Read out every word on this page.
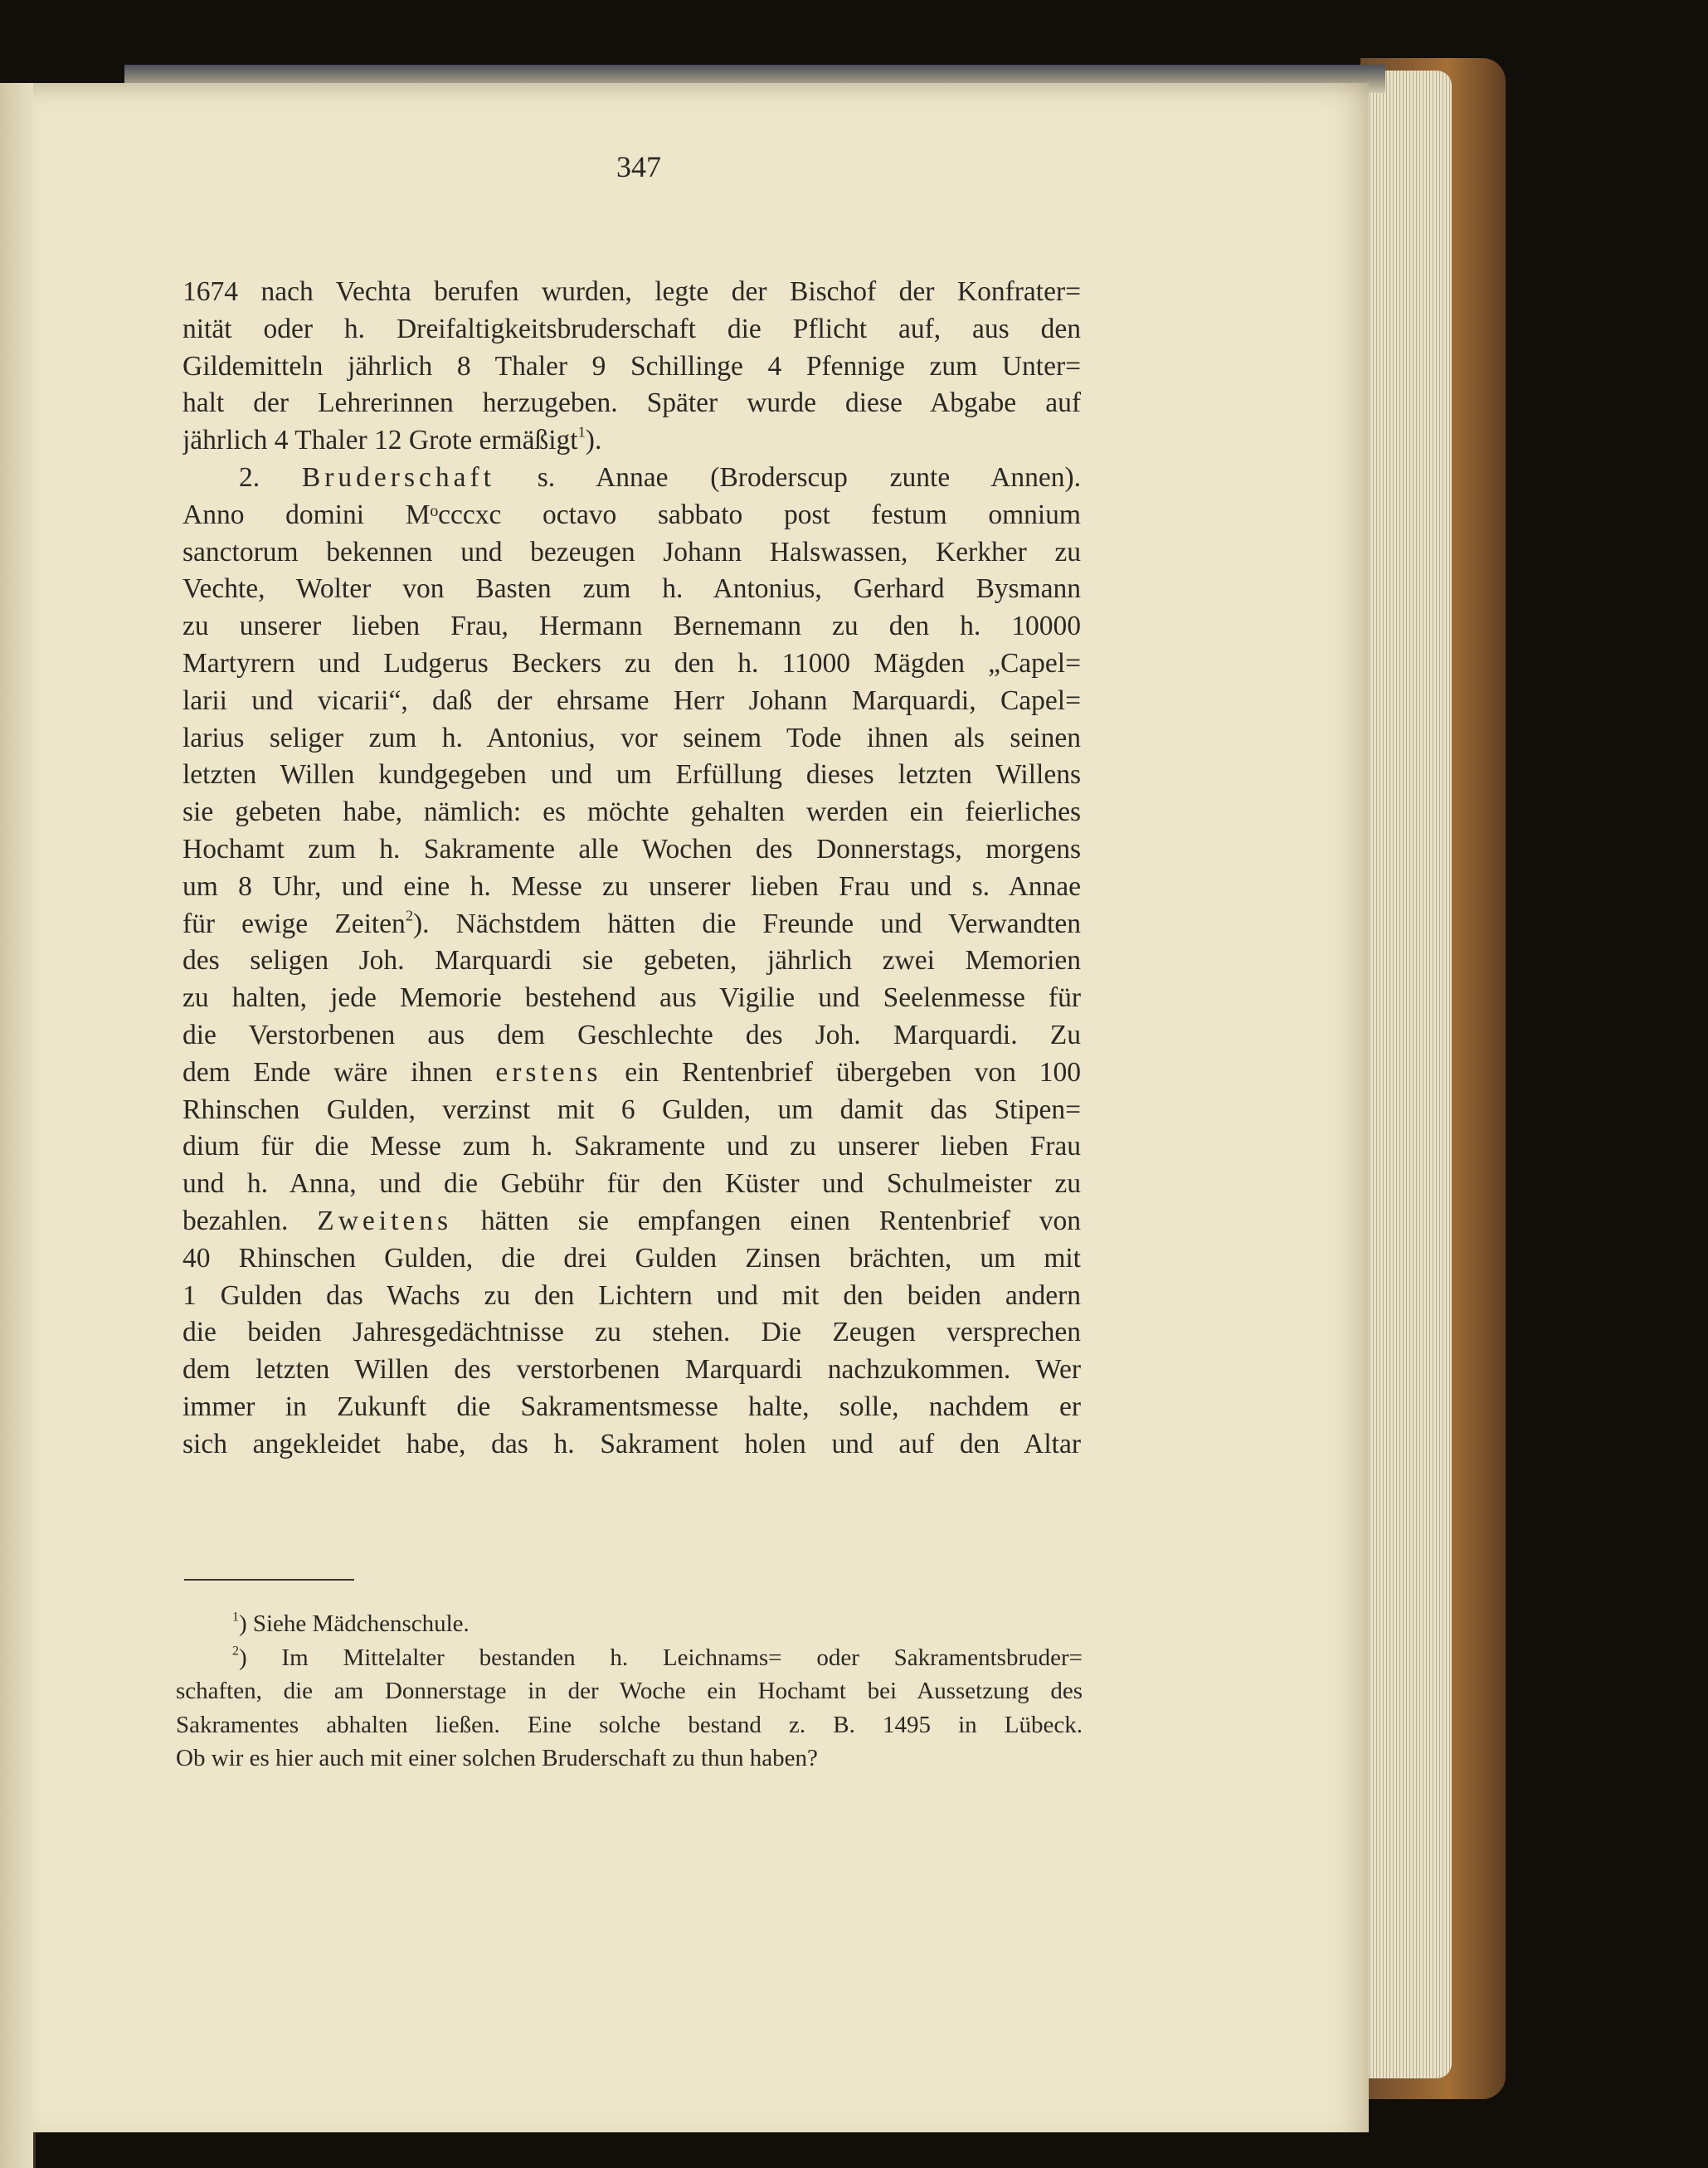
347
1674 nach Vechta berufen wurden, legte der Bischof der Konfrater=
nität oder h. Dreifaltigkeitsbruderschaft die Pflicht auf, aus den
Gildemitteln jährlich 8 Thaler 9 Schillinge 4 Pfennige zum Unter=
halt der Lehrerinnen herzugeben. Später wurde diese Abgabe auf
jährlich 4 Thaler 12 Grote ermäßigt$^1$).
2. Bruderschaft s. Annae (Broderscup zunte Annen).
Anno domini Mᵒcccxc octavo sabbato post festum omnium
sanctorum bekennen und bezeugen Johann Halswassen, Kerkher zu
Vechte, Wolter von Basten zum h. Antonius, Gerhard Bysmann
zu unserer lieben Frau, Hermann Bernemann zu den h. 10000
Martyrern und Ludgerus Beckers zu den h. 11000 Mägden „Capel=
larii und vicarii“, daß der ehrsame Herr Johann Marquardi, Capel=
larius seliger zum h. Antonius, vor seinem Tode ihnen als seinen
letzten Willen kundgegeben und um Erfüllung dieses letzten Willens
sie gebeten habe, nämlich: es möchte gehalten werden ein feierliches
Hochamt zum h. Sakramente alle Wochen des Donnerstags, morgens
um 8 Uhr, und eine h. Messe zu unserer lieben Frau und s. Annae
für ewige Zeiten$^2$). Nächstdem hätten die Freunde und Verwandten
des seligen Joh. Marquardi sie gebeten, jährlich zwei Memorien
zu halten, jede Memorie bestehend aus Vigilie und Seelenmesse für
die Verstorbenen aus dem Geschlechte des Joh. Marquardi. Zu
dem Ende wäre ihnen erstens ein Rentenbrief übergeben von 100
Rhinschen Gulden, verzinst mit 6 Gulden, um damit das Stipen=
dium für die Messe zum h. Sakramente und zu unserer lieben Frau
und h. Anna, und die Gebühr für den Küster und Schulmeister zu
bezahlen. Zweitens hätten sie empfangen einen Rentenbrief von
40 Rhinschen Gulden, die drei Gulden Zinsen brächten, um mit
1 Gulden das Wachs zu den Lichtern und mit den beiden andern
die beiden Jahresgedächtnisse zu stehen. Die Zeugen versprechen
dem letzten Willen des verstorbenen Marquardi nachzukommen. Wer
immer in Zukunft die Sakramentsmesse halte, solle, nachdem er
sich angekleidet habe, das h. Sakrament holen und auf den Altar
$^1$) Siehe Mädchenschule.
$^2$) Im Mittelalter bestanden h. Leichnams= oder Sakramentsbruder=
schaften, die am Donnerstage in der Woche ein Hochamt bei Aussetzung des
Sakramentes abhalten ließen. Eine solche bestand z. B. 1495 in Lübeck.
Ob wir es hier auch mit einer solchen Bruderschaft zu thun haben?
